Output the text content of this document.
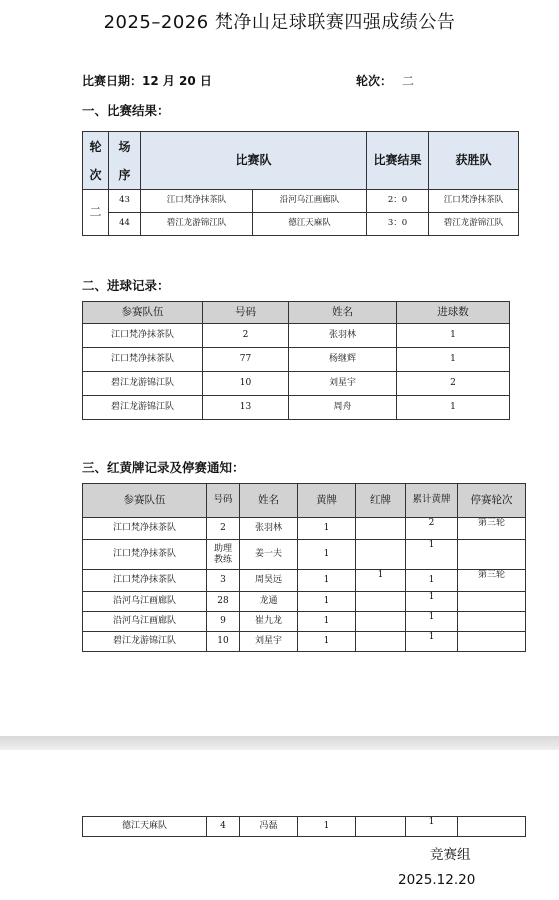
2025–2026 梵净山足球联赛四强成绩公告
比赛日期：12 月 20 日	轮次： 二
一、比赛结果：
轮次	场序	比赛队		比赛结果	获胜队
二	43	江口梵净抹茶队	沿河乌江画廊队	2：0	江口梵净抹茶队
	44	碧江龙游锦江队	德江天麻队	3：0	碧江龙游锦江队
二、进球记录：
参赛队伍	号码	姓名	进球数
江口梵净抹茶队	2	张羽林	1
江口梵净抹茶队	77	杨继辉	1
碧江龙游锦江队	10	刘星宇	2
碧江龙游锦江队	13	周舟	1
三、红黄牌记录及停赛通知：
参赛队伍	号码	姓名	黄牌	红牌	累计黄牌	停赛轮次
江口梵净抹茶队	2	张羽林	1		2	第三轮
江口梵净抹茶队	助理教练	姜一夫	1		1	
江口梵净抹茶队	3	周昊远	1	1	1	第三轮
沿河乌江画廊队	28	龙通	1		1	
沿河乌江画廊队	9	崔九龙	1		1	
碧江龙游锦江队	10	刘星宇	1		1	
德江天麻队	4	冯磊	1		1	
竞赛组
2025.12.20
